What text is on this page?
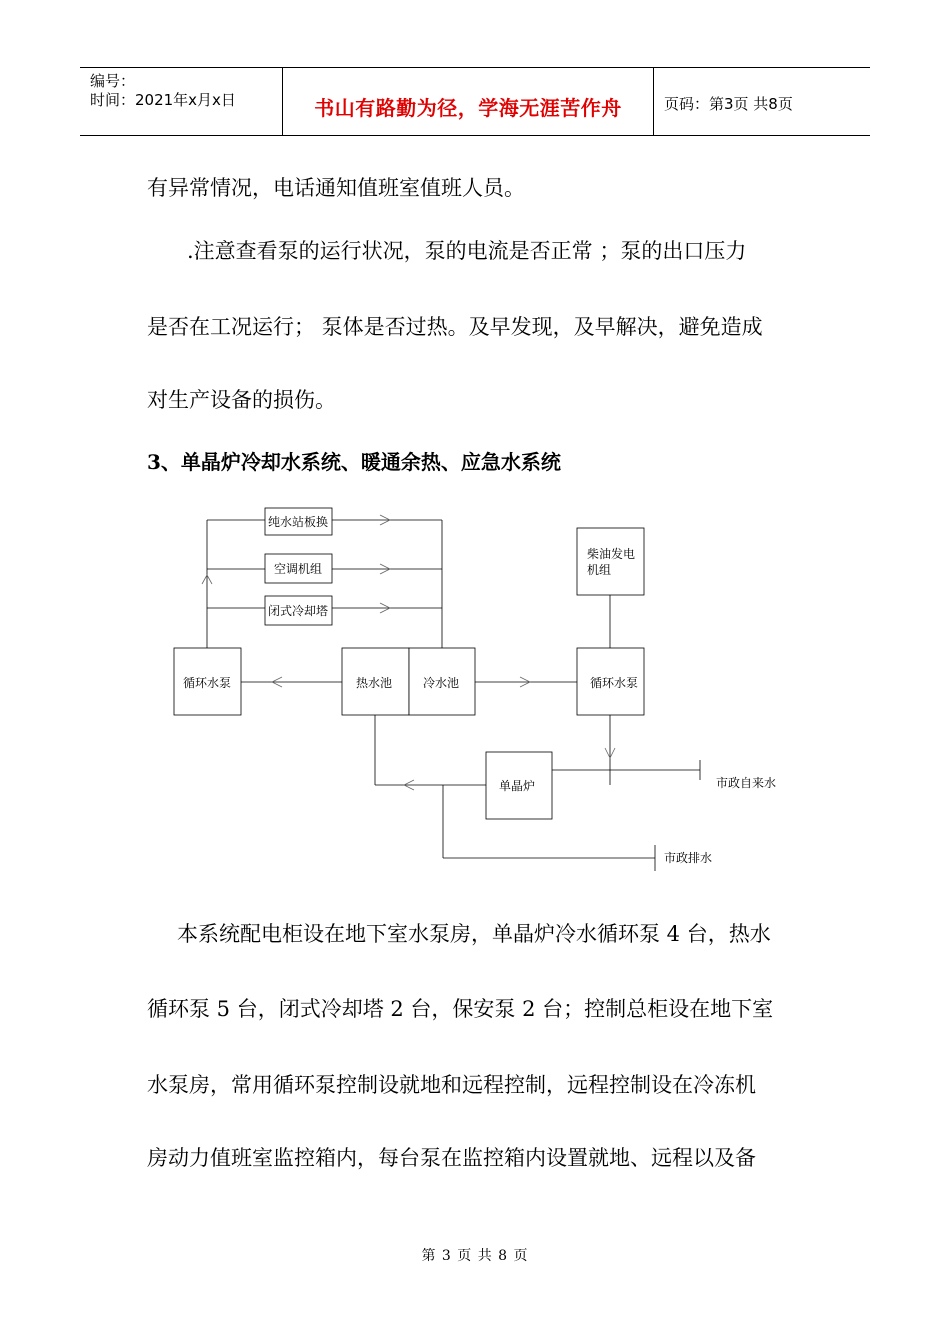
编号：
时间：2021年x月x日	书山有路勤为径，学海无涯苦作舟	页码：第3页 共8页
有异常情况，电话通知值班室值班人员。
.注意查看泵的运行状况，泵的电流是否正常 ；泵的出口压力
是否在工况运行； 泵体是否过热。及早发现，及早解决，避免造成
对生产设备的损伤。
3、单晶炉冷却水系统、暖通余热、应急水系统
纯水站板换
空调机组
闭式冷却塔
柴油发电
机组
循环水泵	热水池	冷水池	循环水泵
单晶炉	市政自来水
市政排水
本系统配电柜设在地下室水泵房，单晶炉冷水循环泵 4 台，热水
循环泵 5 台，闭式冷却塔 2 台，保安泵 2 台；控制总柜设在地下室
水泵房，常用循环泵控制设就地和远程控制，远程控制设在冷冻机
房动力值班室监控箱内，每台泵在监控箱内设置就地、远程以及备
第 3 页 共 8 页
